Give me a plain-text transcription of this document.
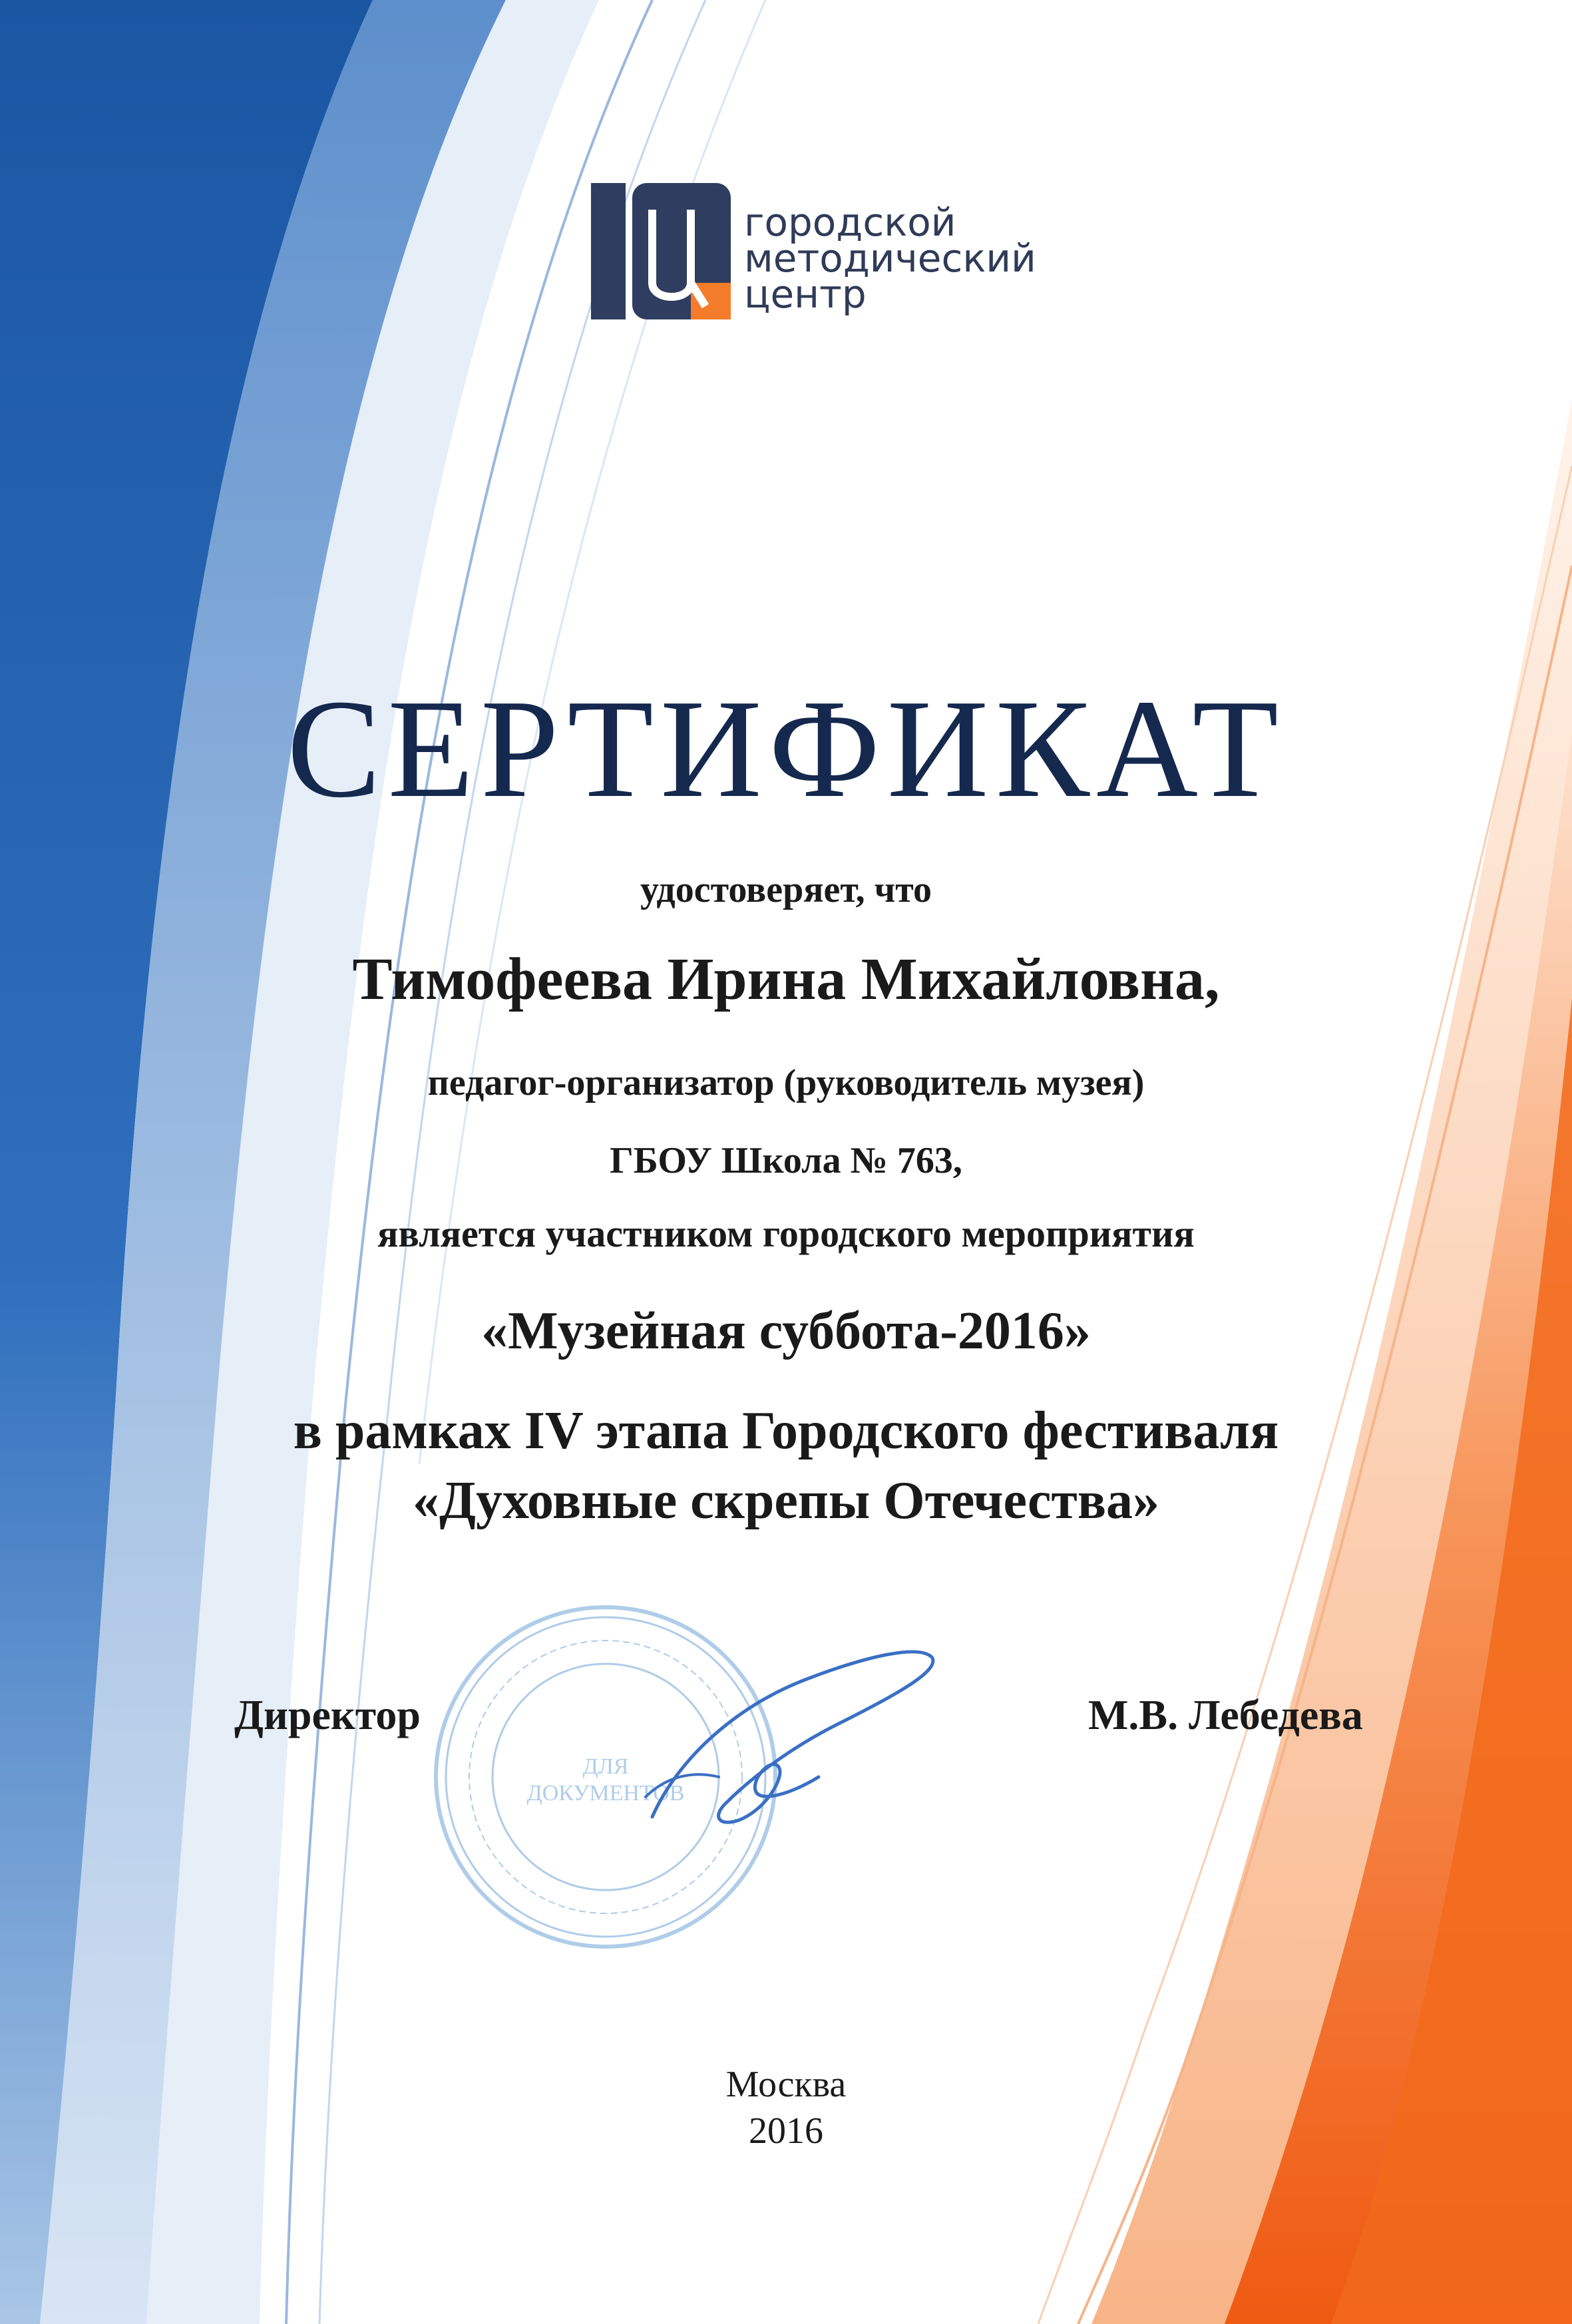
городской
методический
центр
СЕРТИФИКАТ
удостоверяет, что
Тимофеева Ирина Михайловна,
педагог-организатор (руководитель музея)
ГБОУ Школа № 763,
является участником городского мероприятия
«Музейная суббота-2016»
в рамках IV этапа Городского фестиваля
«Духовные скрепы Отечества»
ДЛЯ
ДОКУМЕНТОВ
Директор	М.В. Лебедева
Москва
2016
